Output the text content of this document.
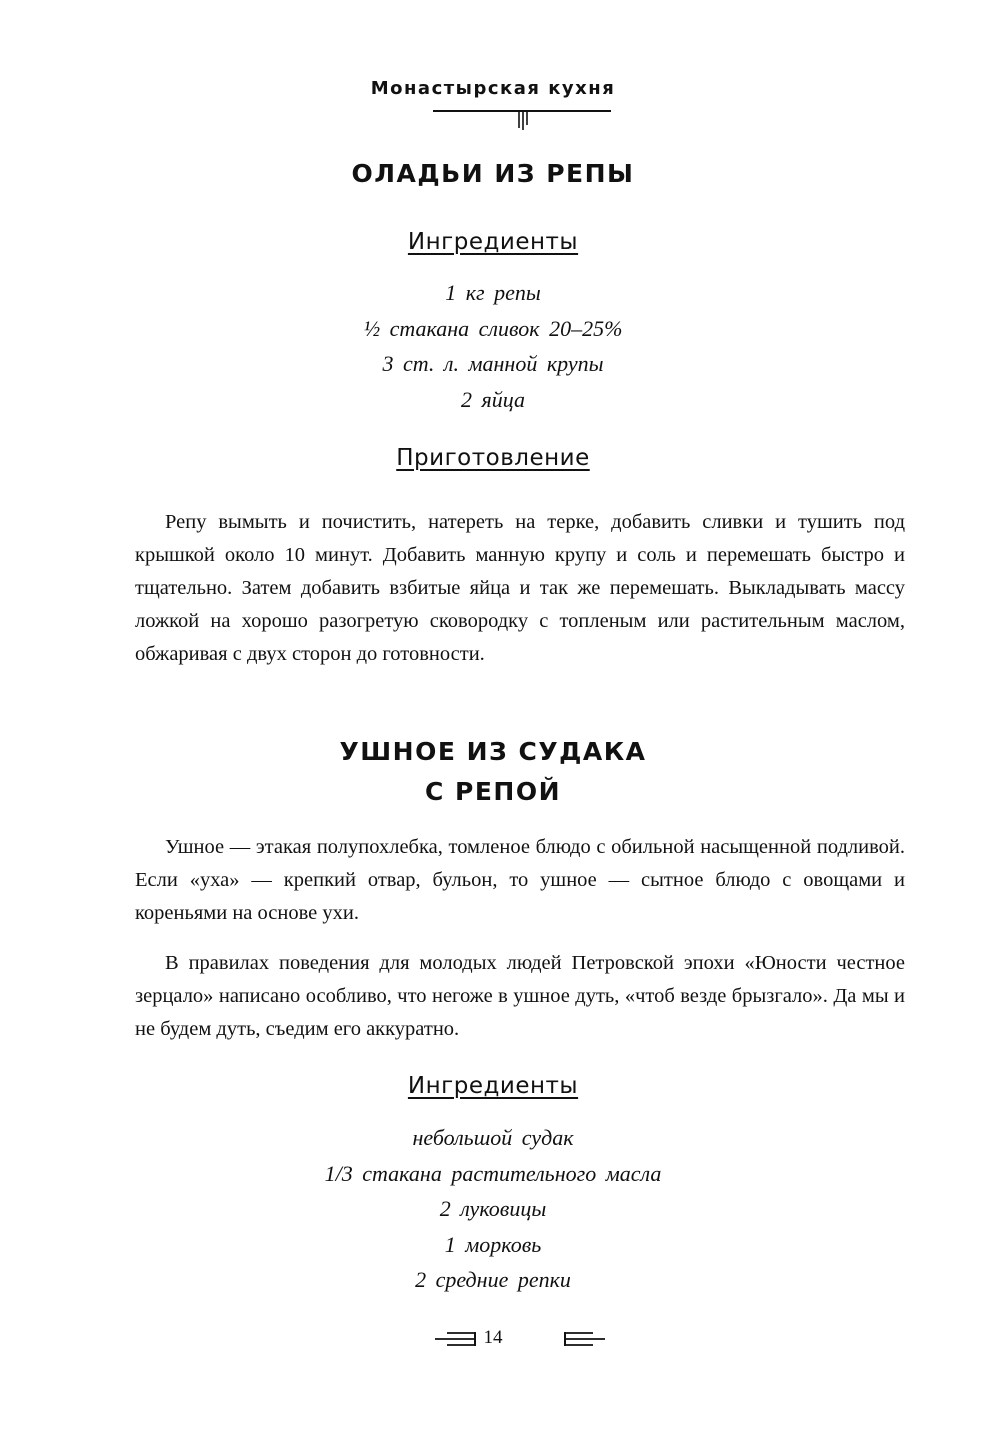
Монастырская кухня
ОЛАДЬИ ИЗ РЕПЫ
Ингредиенты
1 кг репы
½ стакана сливок 20–25%
3 ст. л. манной крупы
2 яйца
Приготовление

Репу вымыть и почистить, натереть на терке, добавить сливки и тушить под крышкой около 10 минут. Добавить манную крупу и соль и перемешать быстро и тщательно. Затем добавить взбитые яйца и так же перемешать. Выкладывать массу ложкой на хорошо разогретую сковородку с топленым или растительным маслом, обжаривая с двух сторон до готовности.

УШНОЕ ИЗ СУДАКА
С РЕПОЙ

Ушное — этакая полупохлебка, томленое блюдо с обильной насыщенной подливой. Если «уха» — крепкий отвар, бульон, то ушное — сытное блюдо с овощами и кореньями на основе ухи.

В правилах поведения для молодых людей Петровской эпохи «Юности честное зерцало» написано особливо, что негоже в ушное дуть, «чтоб везде брызгало». Да мы и не будем дуть, съедим его аккуратно.

Ингредиенты
небольшой судак
1/3 стакана растительного масла
2 луковицы
1 морковь
2 средние репки
14
